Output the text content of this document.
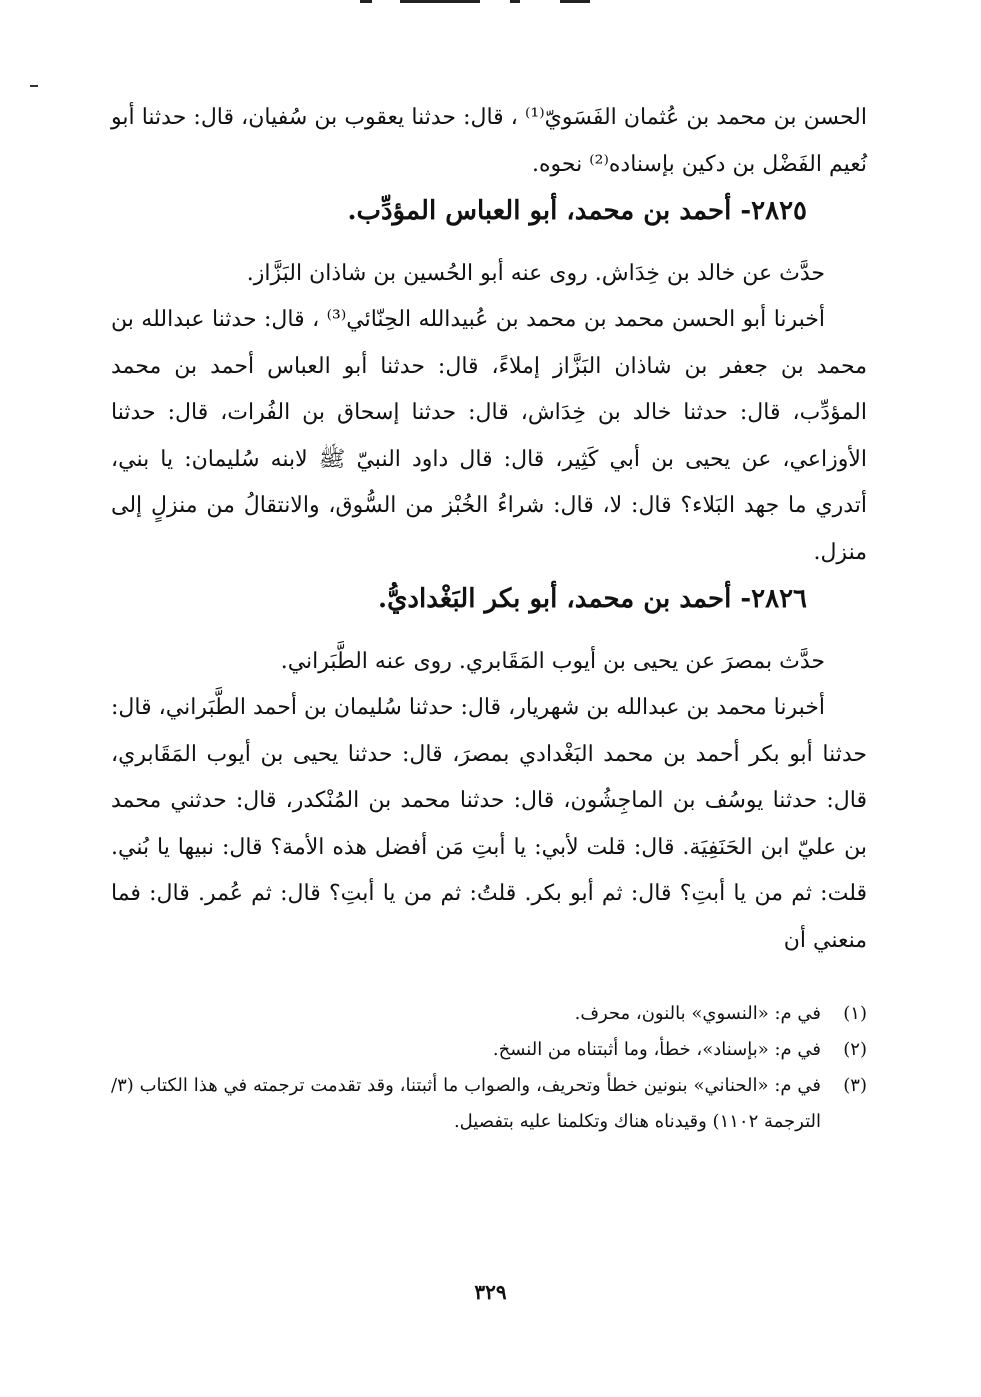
الحسن بن محمد بن عُثمان الفَسَويّ⁽¹⁾ ، قال: حدثنا يعقوب بن سُفيان، قال: حدثنا أبو نُعيم الفَضْل بن دكين بإسناده⁽²⁾ نحوه.

٢٨٢٥- أحمد بن محمد، أبو العباس المؤدِّب.

حدَّث عن خالد بن خِدَاش. روى عنه أبو الحُسين بن شاذان البَزَّاز.

أخبرنا أبو الحسن محمد بن محمد بن عُبيدالله الحِنّائي⁽³⁾ ، قال: حدثنا عبدالله بن محمد بن جعفر بن شاذان البَزَّاز إملاءً، قال: حدثنا أبو العباس أحمد بن محمد المؤدِّب، قال: حدثنا خالد بن خِدَاش، قال: حدثنا إسحاق بن الفُرات، قال: حدثنا الأوزاعي، عن يحيى بن أبي كَثِير، قال: قال داود النبيّ ﷺ لابنه سُليمان: يا بني، أتدري ما جهد البَلاء؟ قال: لا، قال: شراءُ الخُبْز من السُّوق، والانتقالُ من منزلٍ إلى منزل.

٢٨٢٦- أحمد بن محمد، أبو بكر البَغْداديُّ.

حدَّث بمصرَ عن يحيى بن أيوب المَقَابري. روى عنه الطَّبَراني.

أخبرنا محمد بن عبدالله بن شهريار، قال: حدثنا سُليمان بن أحمد الطَّبَراني، قال: حدثنا أبو بكر أحمد بن محمد البَغْدادي بمصرَ، قال: حدثنا يحيى بن أيوب المَقَابري، قال: حدثنا يوسُف بن الماجِشُون، قال: حدثنا محمد بن المُنْكدر، قال: حدثني محمد بن عليّ ابن الحَنَفِيَة. قال: قلت لأبي: يا أبتِ مَن أفضل هذه الأمة؟ قال: نبيها يا بُني. قلت: ثم من يا أبتِ؟ قال: ثم أبو بكر. قلتُ: ثم من يا أبتِ؟ قال: ثم عُمر. قال: فما منعني أن

(١)
في م: «النسوي» بالنون، محرف.
(٢)
في م: «بإسناد»، خطأ، وما أثبتناه من النسخ.
(٣)
في م: «الحناني» بنونين خطأ وتحريف، والصواب ما أثبتنا، وقد تقدمت ترجمته في هذا الكتاب (٣/ الترجمة ١١٠٢) وقيدناه هناك وتكلمنا عليه بتفصيل.
٣٢٩
